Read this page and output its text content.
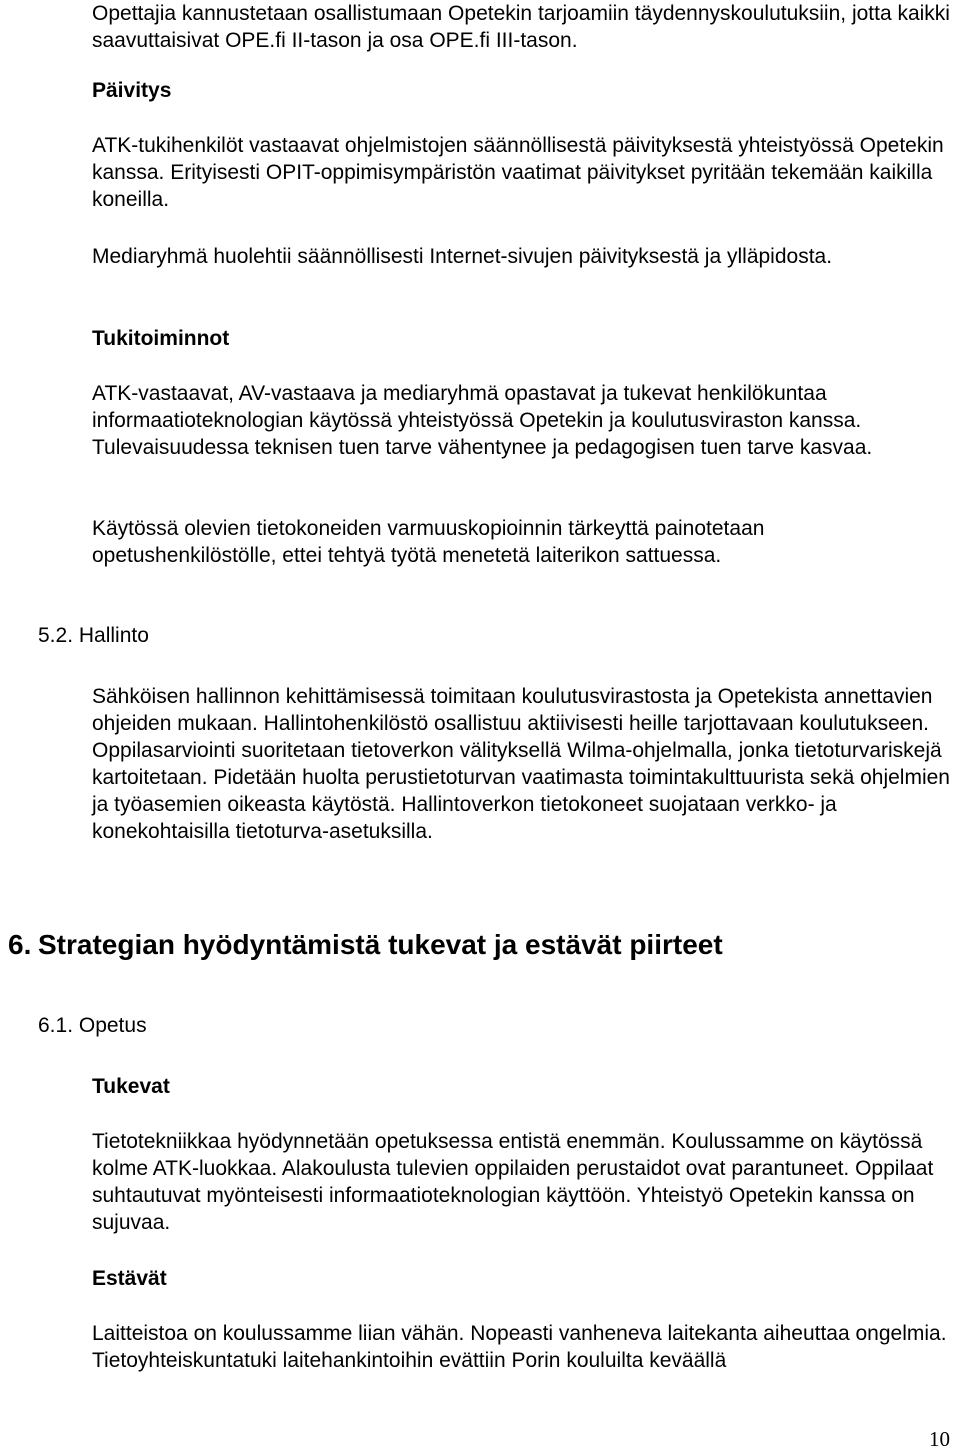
Opettajia kannustetaan osallistumaan Opetekin tarjoamiin täydennyskoulutuksiin, jotta kaikki saavuttaisivat OPE.fi II-tason ja osa OPE.fi III-tason.

Päivitys

ATK-tukihenkilöt vastaavat ohjelmistojen säännöllisestä päivityksestä yhteistyössä Opetekin kanssa. Erityisesti OPIT-oppimisympäristön vaatimat päivitykset pyritään tekemään kaikilla koneilla.

Mediaryhmä huolehtii säännöllisesti Internet-sivujen päivityksestä ja ylläpidosta.

Tukitoiminnot

ATK-vastaavat, AV-vastaava ja mediaryhmä opastavat ja tukevat henkilökuntaa informaatioteknologian käytössä yhteistyössä Opetekin ja koulutusviraston kanssa. Tulevaisuudessa teknisen tuen tarve vähentynee ja pedagogisen tuen tarve kasvaa.

Käytössä olevien tietokoneiden varmuuskopioinnin tärkeyttä painotetaan opetushenkilöstölle, ettei tehtyä työtä menetetä laiterikon sattuessa.

5.2. Hallinto

Sähköisen hallinnon kehittämisessä toimitaan koulutusvirastosta ja Opetekista annettavien ohjeiden mukaan. Hallintohenkilöstö osallistuu aktiivisesti heille tarjottavaan koulutukseen. Oppilasarviointi suoritetaan tietoverkon välityksellä Wilma-ohjelmalla, jonka tietoturvariskejä kartoitetaan. Pidetään huolta perustietoturvan vaatimasta toimintakulttuurista sekä ohjelmien ja työasemien oikeasta käytöstä. Hallintoverkon tietokoneet suojataan verkko- ja konekohtaisilla tietoturva-asetuksilla.

6. Strategian hyödyntämistä tukevat ja estävät piirteet

6.1. Opetus

Tukevat

Tietotekniikkaa hyödynnetään opetuksessa entistä enemmän. Koulussamme on käytössä kolme ATK-luokkaa. Alakoulusta tulevien oppilaiden perustaidot ovat parantuneet. Oppilaat suhtautuvat myönteisesti informaatioteknologian käyttöön. Yhteistyö Opetekin kanssa on sujuvaa.

Estävät

Laitteistoa on koulussamme liian vähän. Nopeasti vanheneva laitekanta aiheuttaa ongelmia. Tietoyhteiskuntatuki laitehankintoihin evättiin Porin kouluilta keväällä

10
